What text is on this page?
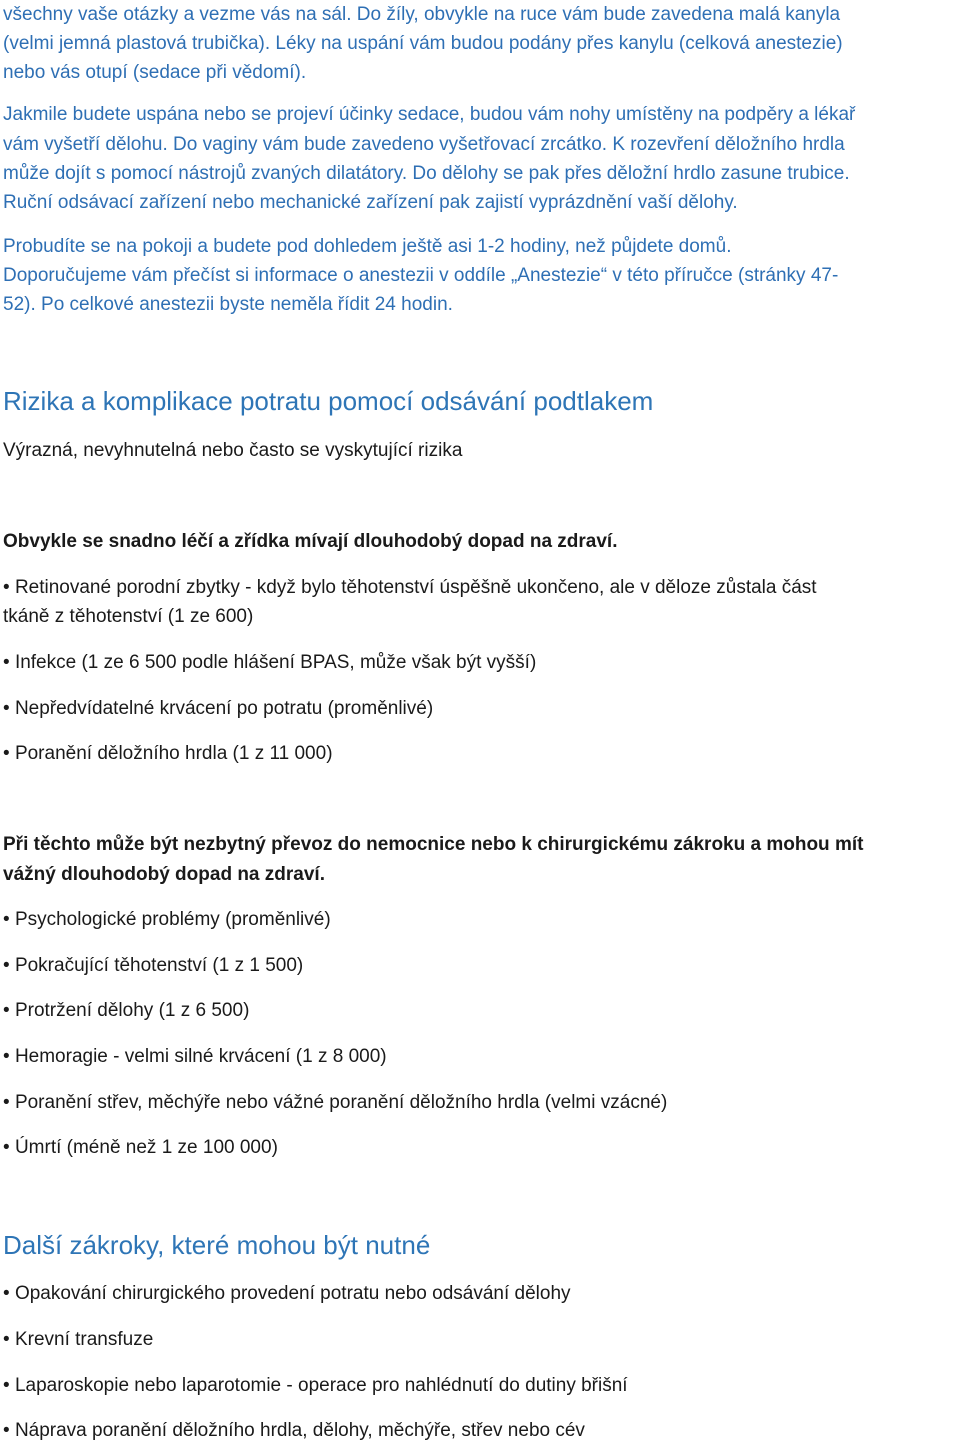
všechny vaše otázky a vezme vás na sál. Do žíly, obvykle na ruce vám bude zavedena malá kanyla

(velmi jemná plastová trubička). Léky na uspání vám budou podány přes kanylu (celková anestezie)

nebo vás otupí (sedace při vědomí).

Jakmile budete uspána nebo se projeví účinky sedace, budou vám nohy umístěny na podpěry a lékař

vám vyšetří dělohu. Do vaginy vám bude zavedeno vyšetřovací zrcátko. K rozevření děložního hrdla

může dojít s pomocí nástrojů zvaných dilatátory. Do dělohy se pak přes děložní hrdlo zasune trubice.

Ruční odsávací zařízení nebo mechanické zařízení pak zajistí vyprázdnění vaší dělohy.

Probudíte se na pokoji a budete pod dohledem ještě asi 1-2 hodiny, než půjdete domů.

Doporučujeme vám přečíst si informace o anestezii v oddíle „Anestezie“ v této příručce (stránky 47-

52). Po celkové anestezii byste neměla řídit 24 hodin.

Rizika a komplikace potratu pomocí odsávání podtlakem

Výrazná, nevyhnutelná nebo často se vyskytující rizika

Obvykle se snadno léčí a zřídka mívají dlouhodobý dopad na zdraví.

• Retinované porodní zbytky - když bylo těhotenství úspěšně ukončeno, ale v děloze zůstala část

tkáně z těhotenství (1 ze 600)

• Infekce (1 ze 6 500 podle hlášení BPAS, může však být vyšší)

• Nepředvídatelné krvácení po potratu (proměnlivé)

• Poranění děložního hrdla (1 z 11 000)

Při těchto může být nezbytný převoz do nemocnice nebo k chirurgickému zákroku a mohou mít

vážný dlouhodobý dopad na zdraví.

• Psychologické problémy (proměnlivé)

• Pokračující těhotenství (1 z 1 500)

• Protržení dělohy (1 z 6 500)

• Hemoragie - velmi silné krvácení (1 z 8 000)

• Poranění střev, měchýře nebo vážné poranění děložního hrdla (velmi vzácné)

• Úmrtí (méně než 1 ze 100 000)

Další zákroky, které mohou být nutné

• Opakování chirurgického provedení potratu nebo odsávání dělohy

• Krevní transfuze

• Laparoskopie nebo laparotomie - operace pro nahlédnutí do dutiny břišní

• Náprava poranění děložního hrdla, dělohy, měchýře, střev nebo cév
